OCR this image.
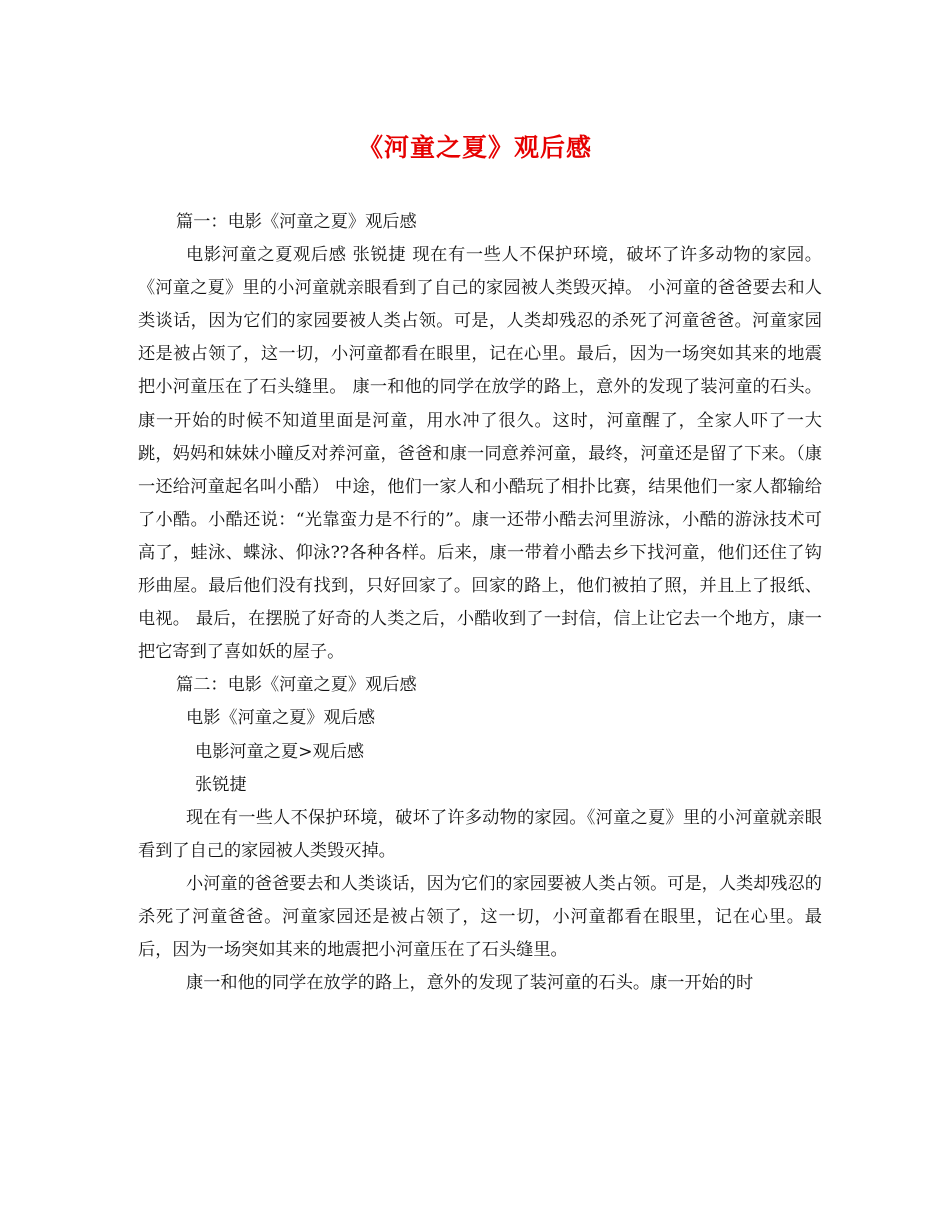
《河童之夏》观后感

篇一：电影《河童之夏》观后感

电影河童之夏观后感 张锐捷 现在有一些人不保护环境，破坏了许多动物的家园。《河童之夏》里的小河童就亲眼看到了自己的家园被人类毁灭掉。 小河童的爸爸要去和人类谈话，因为它们的家园要被人类占领。可是，人类却残忍的杀死了河童爸爸。河童家园还是被占领了，这一切，小河童都看在眼里，记在心里。最后，因为一场突如其来的地震把小河童压在了石头缝里。 康一和他的同学在放学的路上，意外的发现了装河童的石头。康一开始的时候不知道里面是河童，用水冲了很久。这时，河童醒了，全家人吓了一大跳，妈妈和妹妹小瞳反对养河童，爸爸和康一同意养河童，最终，河童还是留了下来。（康一还给河童起名叫小酷） 中途，他们一家人和小酷玩了相扑比赛，结果他们一家人都输给了小酷。小酷还说：“光靠蛮力是不行的”。康一还带小酷去河里游泳，小酷的游泳技术可高了，蛙泳、蝶泳、仰泳??各种各样。后来，康一带着小酷去乡下找河童，他们还住了钩形曲屋。最后他们没有找到，只好回家了。回家的路上，他们被拍了照，并且上了报纸、电视。 最后，在摆脱了好奇的人类之后，小酷收到了一封信，信上让它去一个地方，康一把它寄到了喜如妖的屋子。

篇二：电影《河童之夏》观后感

电影《河童之夏》观后感

电影河童之夏>观后感

张锐捷

现在有一些人不保护环境，破坏了许多动物的家园。《河童之夏》里的小河童就亲眼看到了自己的家园被人类毁灭掉。

小河童的爸爸要去和人类谈话，因为它们的家园要被人类占领。可是，人类却残忍的杀死了河童爸爸。河童家园还是被占领了，这一切，小河童都看在眼里，记在心里。最后，因为一场突如其来的地震把小河童压在了石头缝里。

康一和他的同学在放学的路上，意外的发现了装河童的石头。康一开始的时
